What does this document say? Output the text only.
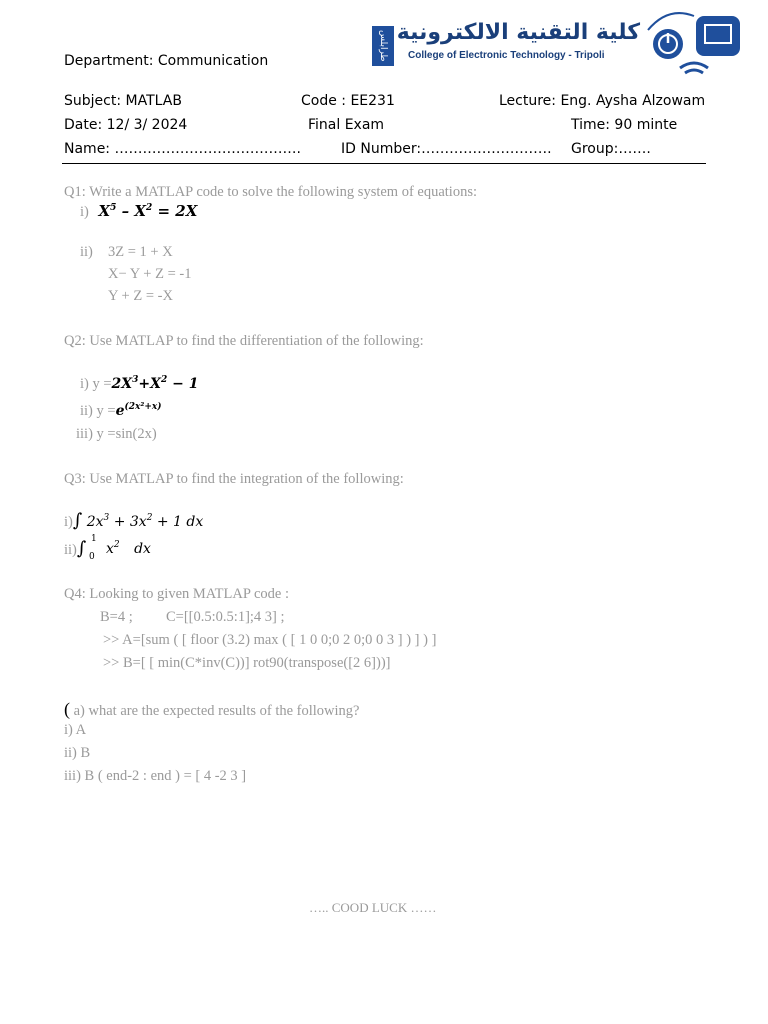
طرابلس كلية التقنية الالكترونية
College of Electronic Technology - Tripoli
Department: Communication
Subject: MATLAB	Code : EE231	Lecture: Eng. Aysha Alzowam
Date: 12/ 3/ 2024	Final Exam	Time: 90 minte
Name: ………………………………….	ID Number:………………………. Group:…….
Q1: Write a MATLAP code to solve the following system of equations:
i) $X^5 - X^2 = 2X$
ii) 3Z = 1 + X
X− Y + Z = -1
Y + Z = -X
Q2: Use MATLAP to find the differentiation of the following:
i) $y =2X^3+X^2 - 1$
ii) $y =e^{(2x^2+x)}$
iii) y =sin(2x)
Q3: Use MATLAP to find the integration of the following:
i)∫ $2x^3 + 3x^2 + 1$ dx
ii)∫ 1
0 $x^2$ dx
Q4: Looking to given MATLAP code :
B=4 ; C=[[0.5:0.5:1];4 3] ;
>> A=[sum ( [ floor (3.2) max ( [ 1 0 0;0 2 0;0 0 3 ] ) ] ) ]
>> B=[ [ min(C*inv(C))] rot90(transpose([2 6]))]
( a) what are the expected results of the following?
i) A
ii) B
iii) B ( end-2 : end ) = [ 4 -2 3 ]
….. COOD LUCK ……
